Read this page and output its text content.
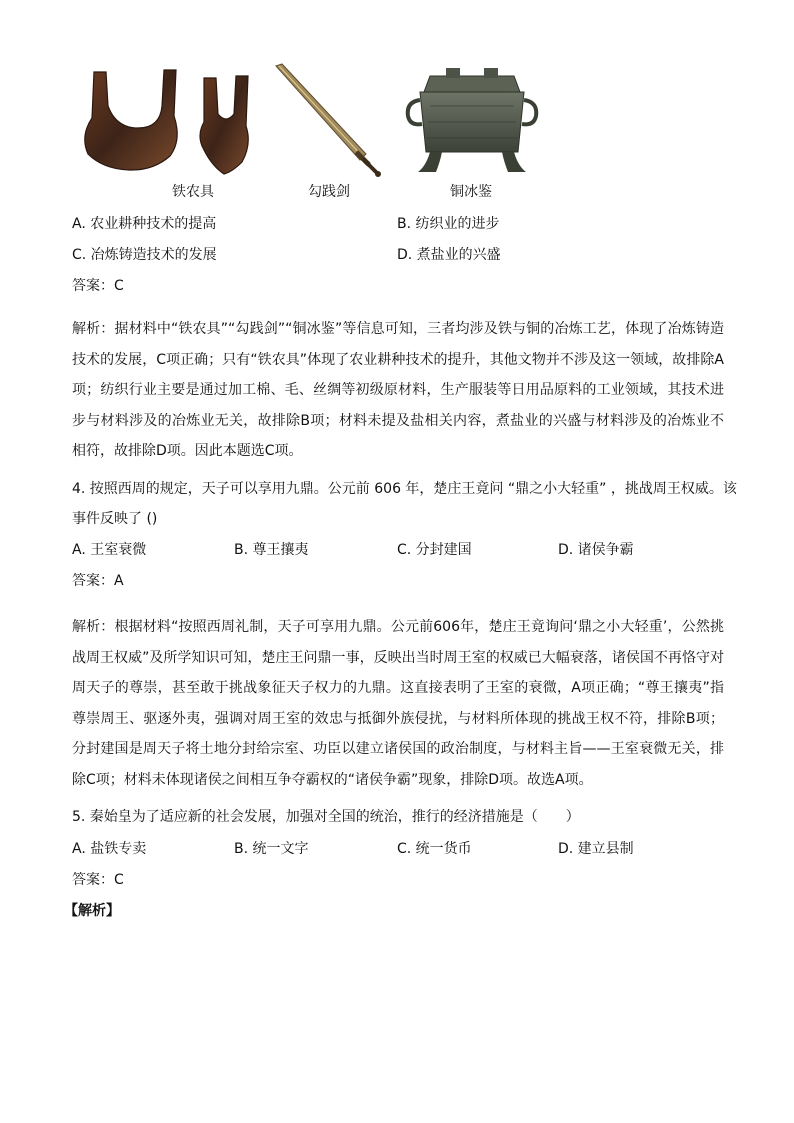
铁农具	勾践剑	铜冰鉴
A. 农业耕种技术的提高	B. 纺织业的进步
C. 冶炼铸造技术的发展	D. 煮盐业的兴盛
答案：C
解析：据材料中“铁农具”“勾践剑”“铜冰鉴”等信息可知，三者均涉及铁与铜的冶炼工艺，体现了冶炼铸造技术的发展，C项正确；只有“铁农具”体现了农业耕种技术的提升，其他文物并不涉及这一领域，故排除A项；纺织行业主要是通过加工棉、毛、丝绸等初级原材料，生产服装等日用品原料的工业领域，其技术进步与材料涉及的冶炼业无关，故排除B项；材料未提及盐相关内容，煮盐业的兴盛与材料涉及的冶炼业不相符，故排除D项。因此本题选C项。
4. 按照西周的规定，天子可以享用九鼎。公元前 606 年，楚庄王竟问 “鼎之小大轻重” ，挑战周王权威。该
事件反映了 ()
A. 王室衰微	B. 尊王攘夷	C. 分封建国	D. 诸侯争霸
答案：A
解析：根据材料“按照西周礼制，天子可享用九鼎。公元前606年，楚庄王竟询问‘鼎之小大轻重’，公然挑战周王权威”及所学知识可知，楚庄王问鼎一事，反映出当时周王室的权威已大幅衰落，诸侯国不再恪守对周天子的尊崇，甚至敢于挑战象征天子权力的九鼎。这直接表明了王室的衰微，A项正确；“尊王攘夷”指尊崇周王、驱逐外夷，强调对周王室的效忠与抵御外族侵扰，与材料所体现的挑战王权不符，排除B项；分封建国是周天子将土地分封给宗室、功臣以建立诸侯国的政治制度，与材料主旨——王室衰微无关，排除C项；材料未体现诸侯之间相互争夺霸权的“诸侯争霸”现象，排除D项。故选A项。
5. 秦始皇为了适应新的社会发展，加强对全国的统治，推行的经济措施是（　　）
A. 盐铁专卖	B. 统一文字	C. 统一货币	D. 建立县制
答案：C
【解析】
